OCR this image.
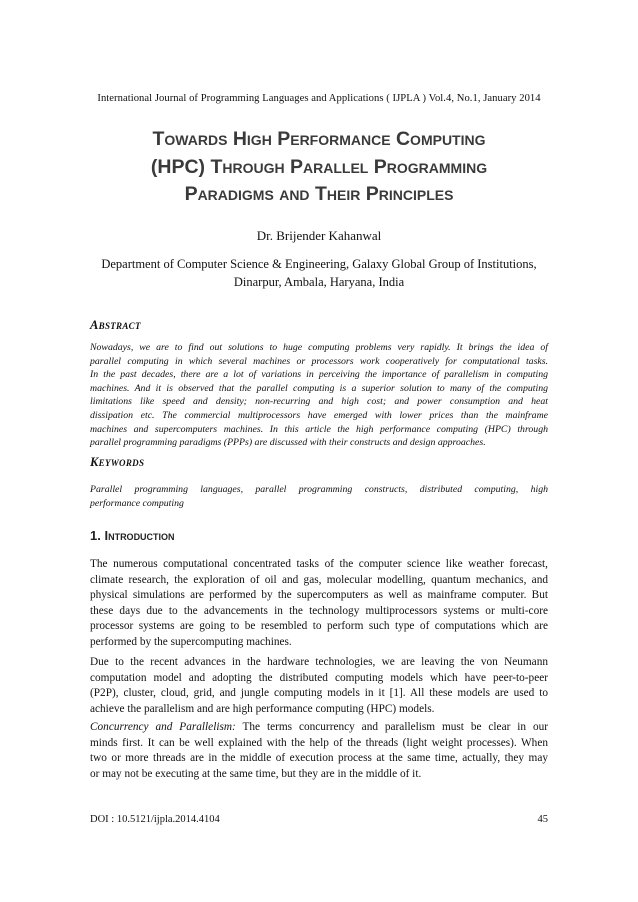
International Journal of Programming Languages and Applications ( IJPLA ) Vol.4, No.1, January 2014
Towards High Performance Computing
(HPC) Through Parallel Programming
Paradigms and Their Principles
Dr. Brijender Kahanwal
Department of Computer Science & Engineering, Galaxy Global Group of Institutions,
Dinarpur, Ambala, Haryana, India
Abstract
Nowadays, we are to find out solutions to huge computing problems very rapidly. It brings the idea of
parallel computing in which several machines or processors work cooperatively for computational tasks.
In the past decades, there are a lot of variations in perceiving the importance of parallelism in computing
machines. And it is observed that the parallel computing is a superior solution to many of the computing
limitations like speed and density; non-recurring and high cost; and power consumption and heat
dissipation etc. The commercial multiprocessors have emerged with lower prices than the mainframe
machines and supercomputers machines. In this article the high performance computing (HPC) through
parallel programming paradigms (PPPs) are discussed with their constructs and design approaches.
Keywords
Parallel programming languages, parallel programming constructs, distributed computing, high
performance computing
1. Introduction
The numerous computational concentrated tasks of the computer science like weather forecast,
climate research, the exploration of oil and gas, molecular modelling, quantum mechanics, and
physical simulations are performed by the supercomputers as well as mainframe computer. But
these days due to the advancements in the technology multiprocessors systems or multi-core
processor systems are going to be resembled to perform such type of computations which are
performed by the supercomputing machines.
Due to the recent advances in the hardware technologies, we are leaving the von Neumann
computation model and adopting the distributed computing models which have peer-to-peer
(P2P), cluster, cloud, grid, and jungle computing models in it [1]. All these models are used to
achieve the parallelism and are high performance computing (HPC) models.
Concurrency and Parallelism: The terms concurrency and parallelism must be clear in our
minds first. It can be well explained with the help of the threads (light weight processes). When
two or more threads are in the middle of execution process at the same time, actually, they may
or may not be executing at the same time, but they are in the middle of it.
DOI : 10.5121/ijpla.2014.4104	45
